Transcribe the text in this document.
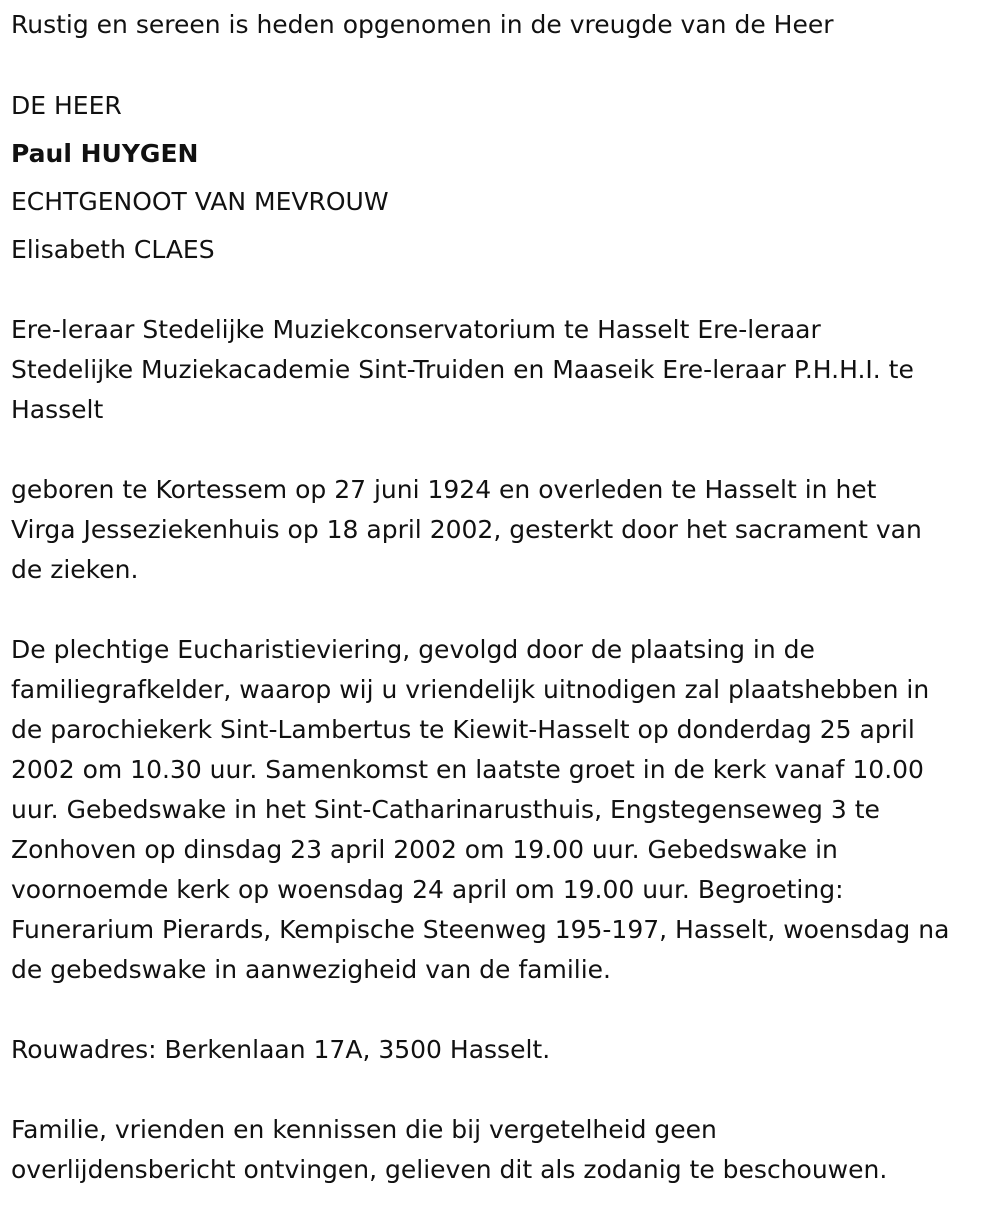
Rustig en sereen is heden opgenomen in de vreugde van de Heer
DE HEER
Paul HUYGEN
ECHTGENOOT VAN MEVROUW
Elisabeth CLAES
Ere-leraar Stedelijke Muziekconservatorium te Hasselt Ere-leraar
Stedelijke Muziekacademie Sint-Truiden en Maaseik Ere-leraar P.H.H.I. te
Hasselt
geboren te Kortessem op 27 juni 1924 en overleden te Hasselt in het
Virga Jesseziekenhuis op 18 april 2002, gesterkt door het sacrament van
de zieken.
De plechtige Eucharistieviering, gevolgd door de plaatsing in de
familiegrafkelder, waarop wij u vriendelijk uitnodigen zal plaatshebben in
de parochiekerk Sint-Lambertus te Kiewit-Hasselt op donderdag 25 april
2002 om 10.30 uur. Samenkomst en laatste groet in de kerk vanaf 10.00
uur. Gebedswake in het Sint-Catharinarusthuis, Engstegenseweg 3 te
Zonhoven op dinsdag 23 april 2002 om 19.00 uur. Gebedswake in
voornoemde kerk op woensdag 24 april om 19.00 uur. Begroeting:
Funerarium Pierards, Kempische Steenweg 195-197, Hasselt, woensdag na
de gebedswake in aanwezigheid van de familie.
Rouwadres: Berkenlaan 17A, 3500 Hasselt.
Familie, vrienden en kennissen die bij vergetelheid geen
overlijdensbericht ontvingen, gelieven dit als zodanig te beschouwen.
